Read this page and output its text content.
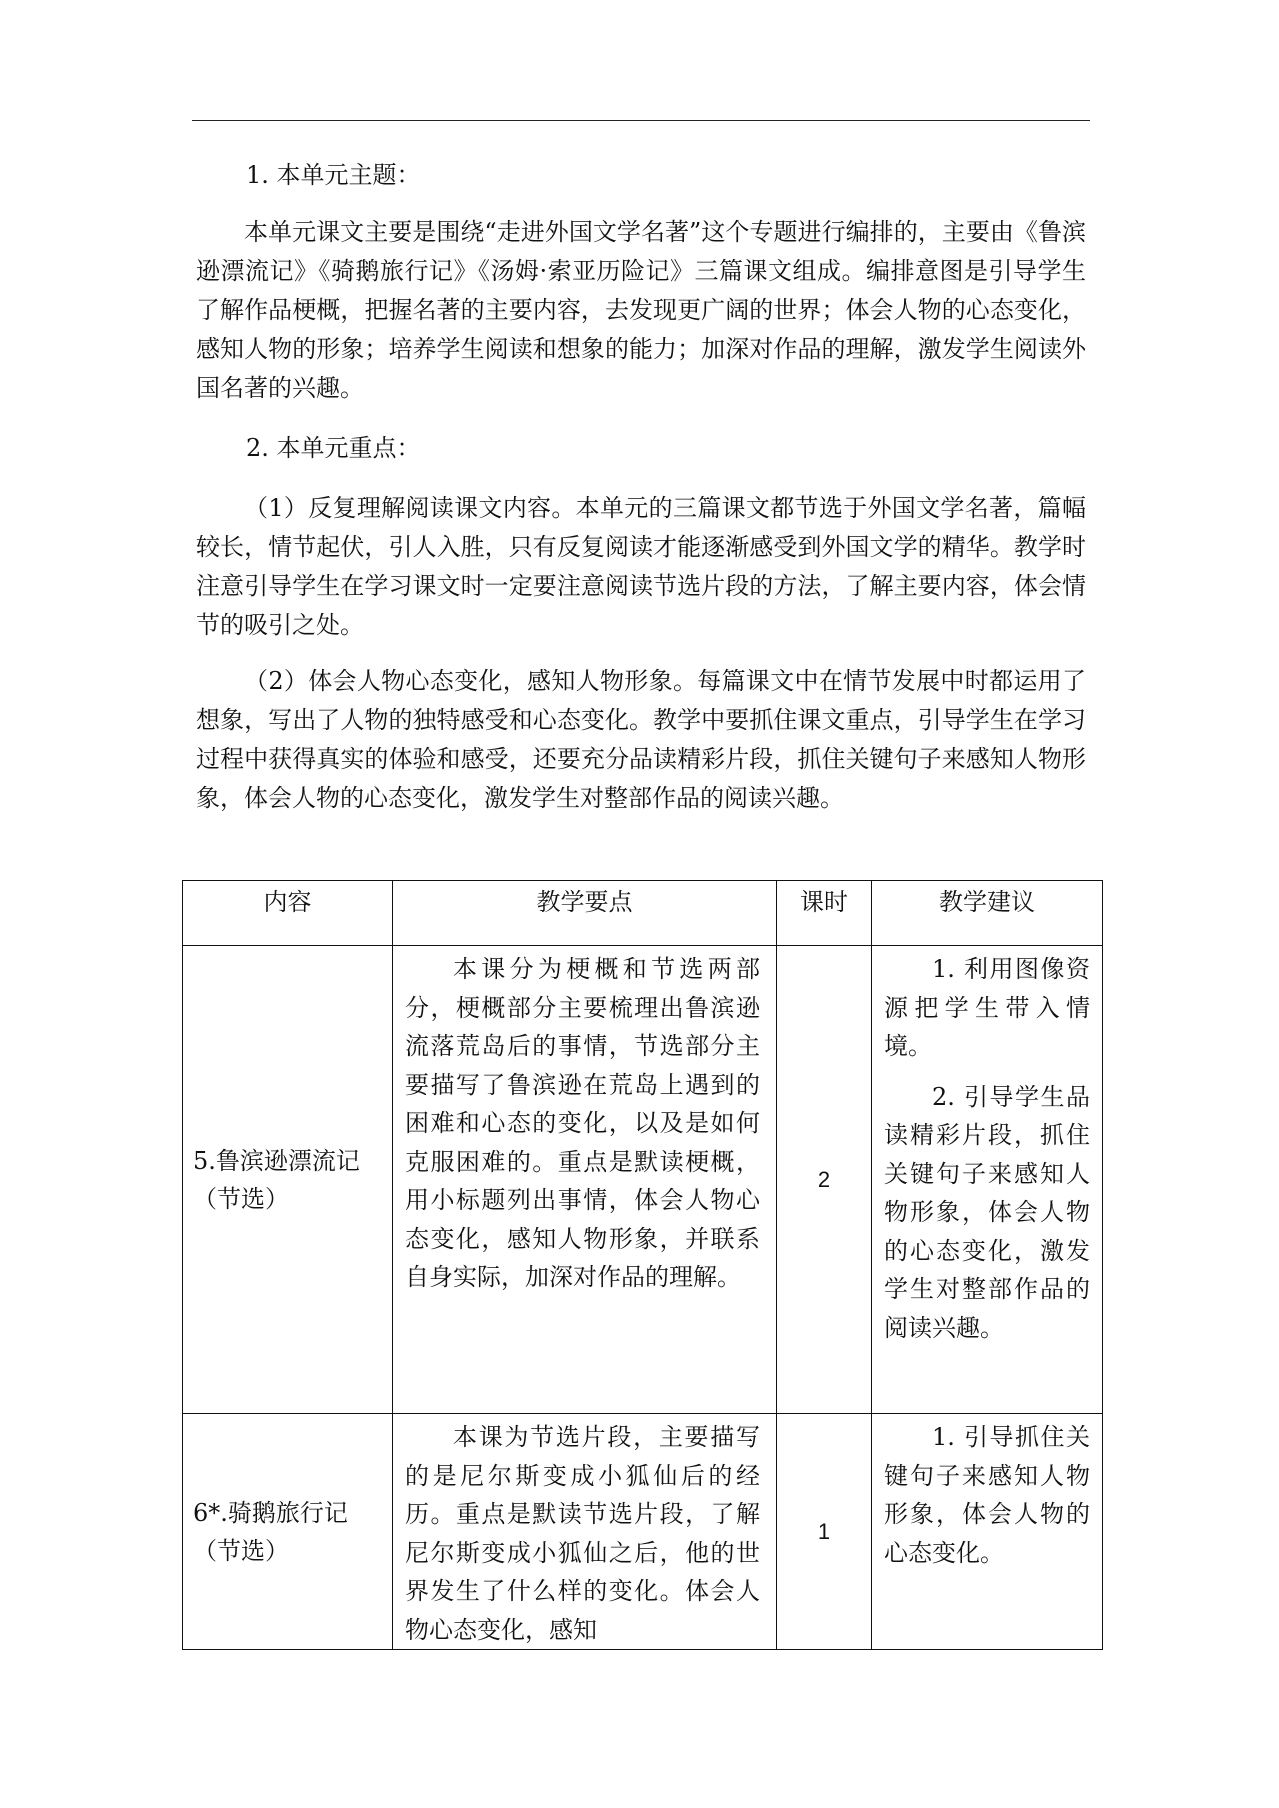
1. 本单元主题：

本单元课文主要是围绕“走进外国文学名著”这个专题进行编排的，主要由《鲁滨逊漂流记》《骑鹅旅行记》《汤姆·索亚历险记》三篇课文组成。编排意图是引导学生了解作品梗概，把握名著的主要内容，去发现更广阔的世界；体会人物的心态变化，感知人物的形象；培养学生阅读和想象的能力；加深对作品的理解，激发学生阅读外国名著的兴趣。

2. 本单元重点：

（1）反复理解阅读课文内容。本单元的三篇课文都节选于外国文学名著，篇幅较长，情节起伏，引人入胜，只有反复阅读才能逐渐感受到外国文学的精华。教学时注意引导学生在学习课文时一定要注意阅读节选片段的方法，了解主要内容，体会情节的吸引之处。

（2）体会人物心态变化，感知人物形象。每篇课文中在情节发展中时都运用了想象，写出了人物的独特感受和心态变化。教学中要抓住课文重点，引导学生在学习过程中获得真实的体验和感受，还要充分品读精彩片段，抓住关键句子来感知人物形象，体会人物的心态变化，激发学生对整部作品的阅读兴趣。

内容	教学要点	课时	教学建议
5.鲁滨逊漂流记（节选）	本课分为梗概和节选两部分，梗概部分主要梳理出鲁滨逊流落荒岛后的事情，节选部分主要描写了鲁滨逊在荒岛上遇到的困难和心态的变化，以及是如何克服困难的。重点是默读梗概，用小标题列出事情，体会人物心态变化，感知人物形象，并联系自身实际，加深对作品的理解。	2	1. 利用图像资源把学生带入情境。

2. 引导学生品读精彩片段，抓住关键句子来感知人物形象，体会人物的心态变化，激发学生对整部作品的阅读兴趣。

6*.骑鹅旅行记（节选）	本课为节选片段，主要描写的是尼尔斯变成小狐仙后的经历。重点是默读节选片段，了解尼尔斯变成小狐仙之后，他的世界发生了什么样的变化。体会人物心态变化，感知	1	1. 引导抓住关键句子来感知人物形象，体会人物的心态变化。
